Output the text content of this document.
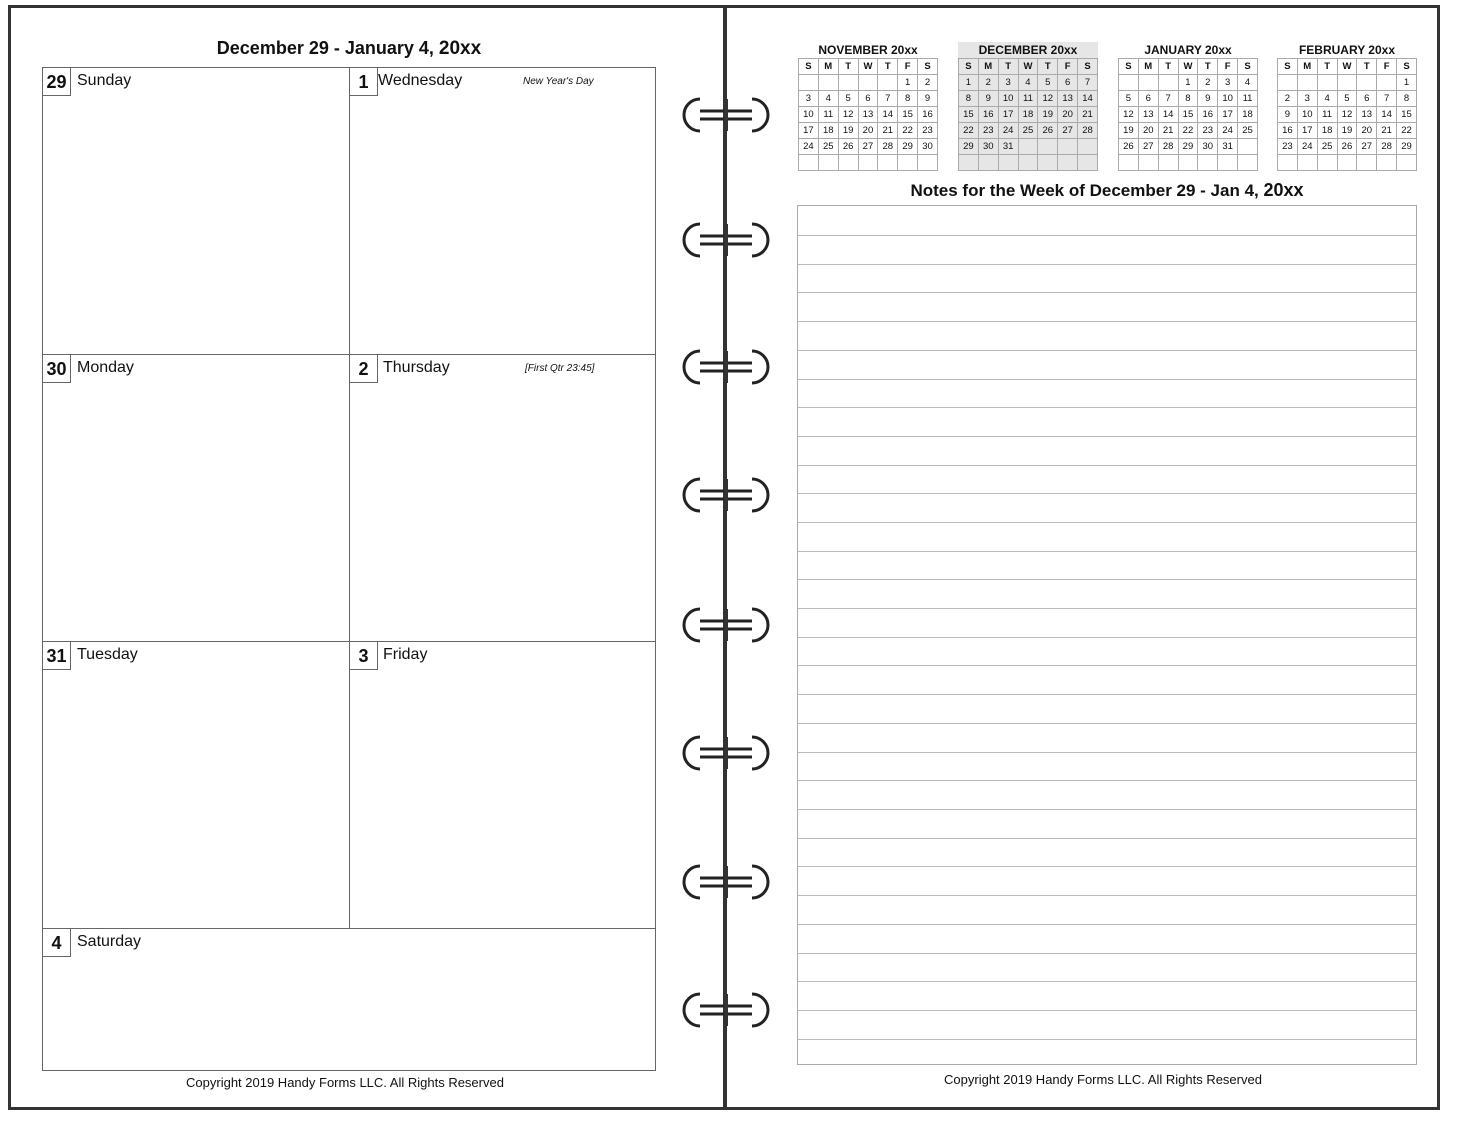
December 29 - January 4, 20xx
29 Sunday	1 Wednesday	New Year's Day
30 Monday	2 Thursday	[First Qtr 23:45]
31 Tuesday	3 Friday
4 Saturday
Copyright 2019 Handy Forms LLC. All Rights Reserved
NOVEMBER 20xx
S	M	T	W	T	F	S
					1	2
3	4	5	6	7	8	9
10	11	12	13	14	15	16
17	18	19	20	21	22	23
24	25	26	27	28	29	30

DECEMBER 20xx
S	M	T	W	T	F	S
1	2	3	4	5	6	7
8	9	10	11	12	13	14
15	16	17	18	19	20	21
22	23	24	25	26	27	28
29	30	31				

JANUARY 20xx
S	M	T	W	T	F	S
			1	2	3	4
5	6	7	8	9	10	11
12	13	14	15	16	17	18
19	20	21	22	23	24	25
26	27	28	29	30	31	

FEBRUARY 20xx
S	M	T	W	T	F	S
						1
2	3	4	5	6	7	8
9	10	11	12	13	14	15
16	17	18	19	20	21	22
23	24	25	26	27	28	29

Notes for the Week of December 29 - Jan 4, 20xx
Copyright 2019 Handy Forms LLC. All Rights Reserved
